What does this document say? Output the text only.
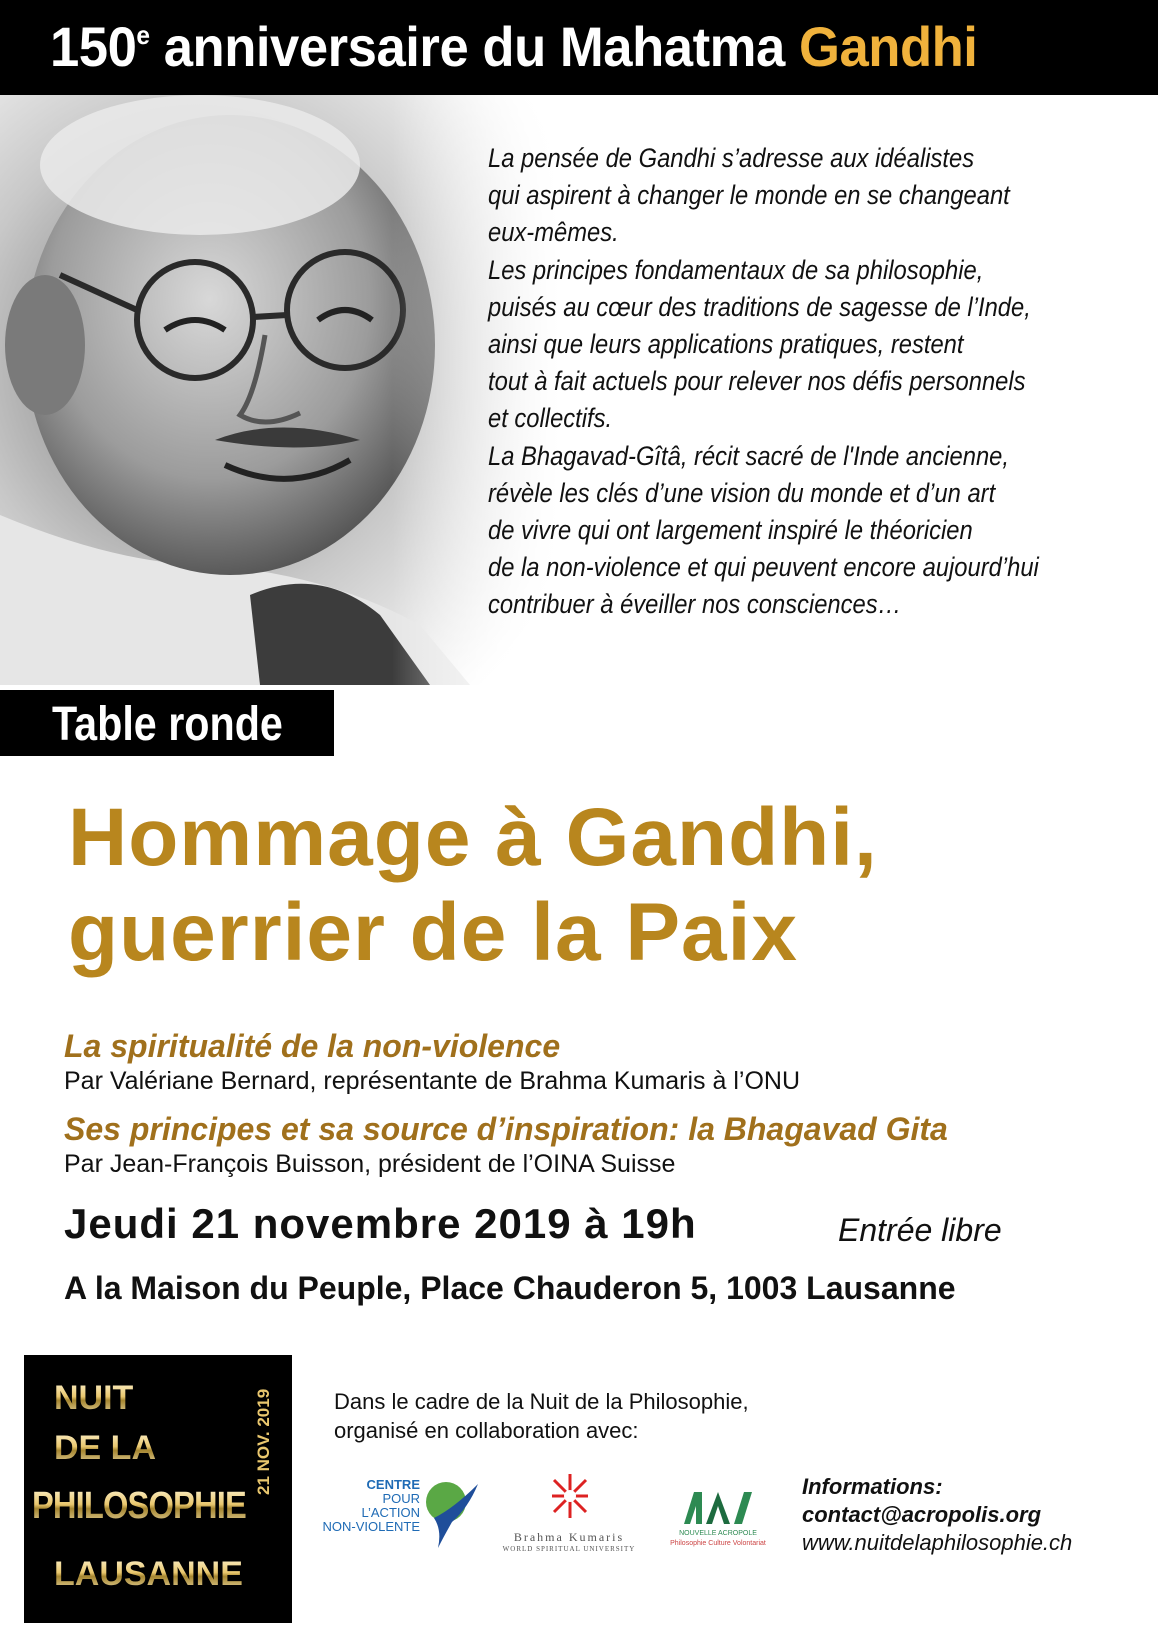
150e anniversaire du Mahatma Gandhi
La pensée de Gandhi s’adresse aux idéalistes
qui aspirent à changer le monde en se changeant
eux-mêmes.
Les principes fondamentaux de sa philosophie,
puisés au cœur des traditions de sagesse de l’Inde,
ainsi que leurs applications pratiques, restent
tout à fait actuels pour relever nos défis personnels
et collectifs.
La Bhagavad-Gîtâ, récit sacré de l'Inde ancienne,
révèle les clés d’une vision du monde et d’un art
de vivre qui ont largement inspiré le théoricien
de la non-violence et qui peuvent encore aujourd’hui
contribuer à éveiller nos consciences…
Table ronde
Hommage à Gandhi,
guerrier de la Paix
La spiritualité de la non-violence
Par Valériane Bernard, représentante de Brahma Kumaris à l’ONU
Ses principes et sa source d’inspiration: la Bhagavad Gita
Par Jean-François Buisson, président de l’OINA Suisse
Jeudi 21 novembre 2019 à 19h	Entrée libre
A la Maison du Peuple, Place Chauderon 5, 1003 Lausanne
NUIT
DE LA
PHILOSOPHIE
LAUSANNE
21 NOV. 2019	Dans le cadre de la Nuit de la Philosophie,
organisé en collaboration avec:
CENTRE
POUR
L’ACTION
NON-VIOLENTE
Brahma Kumaris
WORLD SPIRITUAL UNIVERSITY
NOUVELLE ACROPOLE
Philosophie Culture Volontariat
Informations:
contact@acropolis.org
www.nuitdelaphilosophie.ch
